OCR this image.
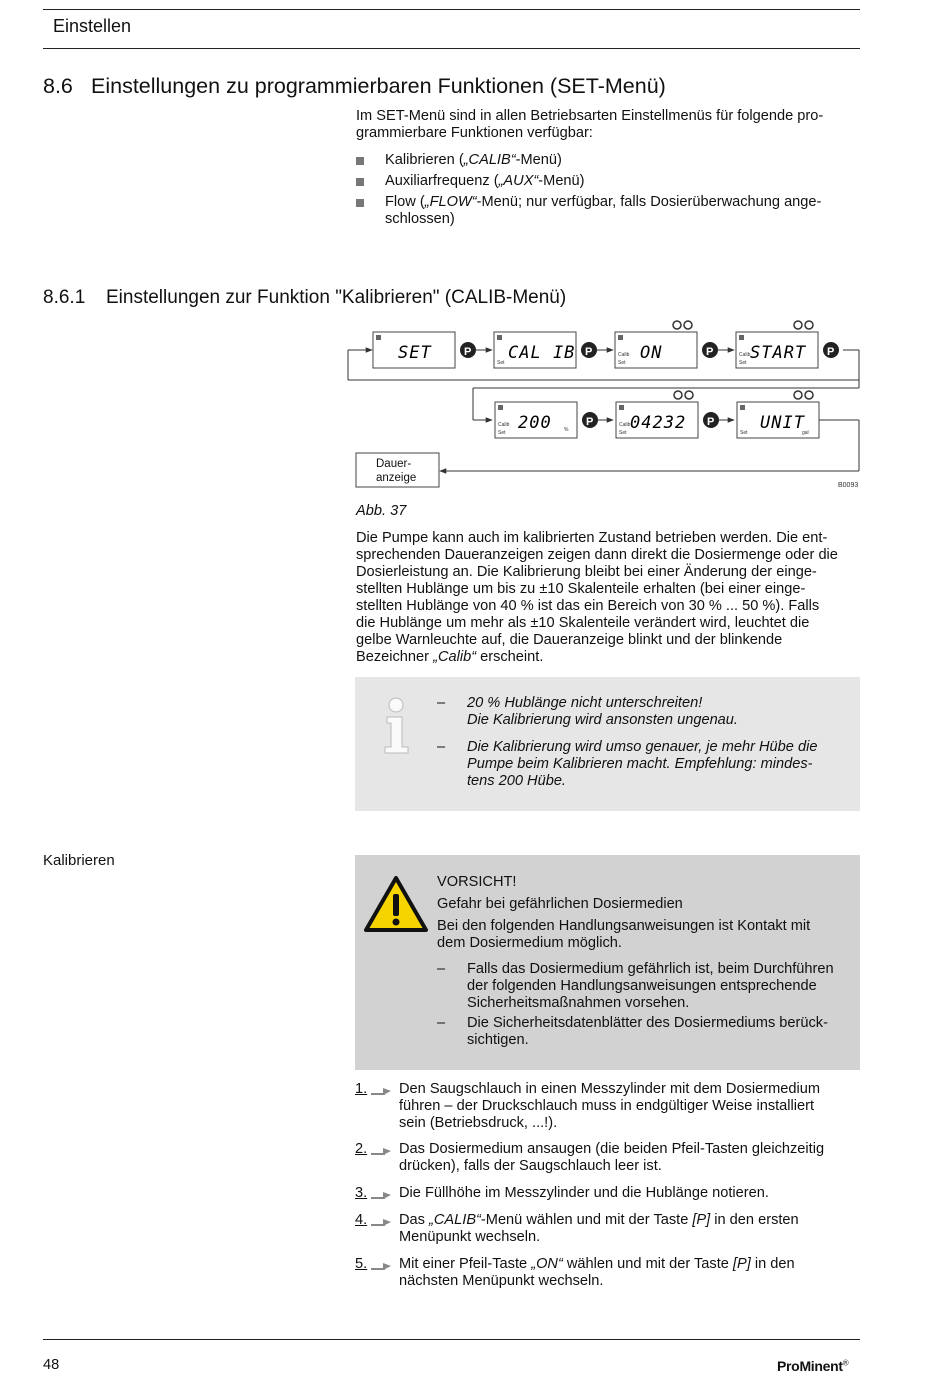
Einstellen
8.6 Einstellungen zu programmierbaren Funktionen (SET-Menü)
Im SET-Menü sind in allen Betriebsarten Einstellmenüs für folgende pro-
grammierbare Funktionen verfügbar:
Kalibrieren („CALIB“-Menü)
Auxiliarfrequenz („AUX“-Menü)
Flow („FLOW“-Menü; nur verfügbar, falls Dosierüberwachung ange-
schlossen)
8.6.1 Einstellungen zur Funktion "Kalibrieren" (CALIB-Menü)
SET	P
Set CAL IB P	Calib
Set ON	P	Calib
Set START P
Calib
Set 200 %
P	Calib
Set 04232 P
Set UNIT
gal
Dauer-
anzeige
B0093
Abb. 37
Die Pumpe kann auch im kalibrierten Zustand betrieben werden. Die ent-
sprechenden Daueranzeigen zeigen dann direkt die Dosiermenge oder die
Dosierleistung an. Die Kalibrierung bleibt bei einer Änderung der einge-
stellten Hublänge um bis zu ±10 Skalenteile erhalten (bei einer einge-
stellten Hublänge von 40 % ist das ein Bereich von 30 % ... 50 %). Falls
die Hublänge um mehr als ±10 Skalenteile verändert wird, leuchtet die
gelbe Warnleuchte auf, die Daueranzeige blinkt und der blinkende
Bezeichner „Calib“ erscheint.
– 20 % Hublänge nicht unterschreiten!
Die Kalibrierung wird ansonsten ungenau.
– Die Kalibrierung wird umso genauer, je mehr Hübe die
Pumpe beim Kalibrieren macht. Empfehlung: mindes-
tens 200 Hübe.
Kalibrieren
VORSICHT!
Gefahr bei gefährlichen Dosiermedien
Bei den folgenden Handlungsanweisungen ist Kontakt mit
dem Dosiermedium möglich.
– Falls das Dosiermedium gefährlich ist, beim Durchführen
der folgenden Handlungsanweisungen entsprechende
Sicherheitsmaßnahmen vorsehen.
– Die Sicherheitsdatenblätter des Dosiermediums berück-
sichtigen.
1. Den Saugschlauch in einen Messzylinder mit dem Dosiermedium
führen – der Druckschlauch muss in endgültiger Weise installiert
sein (Betriebsdruck, ...!).
2. Das Dosiermedium ansaugen (die beiden Pfeil-Tasten gleichzeitig
drücken), falls der Saugschlauch leer ist.
3. Die Füllhöhe im Messzylinder und die Hublänge notieren.
4. Das „CALIB“-Menü wählen und mit der Taste [P] in den ersten
Menüpunkt wechseln.
5. Mit einer Pfeil-Taste „ON“ wählen und mit der Taste [P] in den
nächsten Menüpunkt wechseln.
48	ProMinent®
